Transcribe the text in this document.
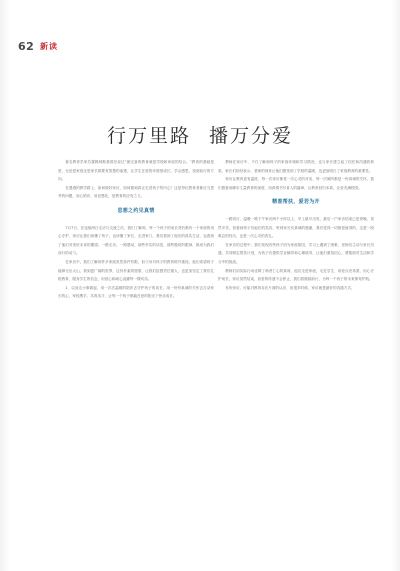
62 新读
行万里路 播万分爱

著名教育学家苏霍姆林斯基曾经说过“最完备的教育就是学校和家庭的结合。”教育的基础是爱，无论是家庭还是家长都要有智慧的渗透，让学生在爱的环境里成长，学会感恩，找到前行的方向。

在漫漫的教学路上，如何做好家访，如何做到真正走进孩子的内心？这是每位教育者都应当思考的问题，用心陪伴，用爱感化，是教育的应有之义。

思想之约见真情

7月7日，在连续两日走访与交流之后，我们了解到，每一个孩子的成长背后都有一个家庭的用心守护，家访让我们读懂了孩子，也读懂了家长，走进家门，我们看到了他们的真实生活，也看到了他们对美好未来的期望。一路走访，一路感动，那些朴实的话语、那些殷切的眼神，都成为我们前行的动力。

在家访中，我们了解到许多家庭虽然条件有限，但父母对孩子的教育格外重视，他们希望孩子能够走出大山，看到更广阔的世界，这份朴素的愿望，让我们倍感责任重大，也更加坚定了我们扎根教育、服务学生的信念，用爱心和耐心浇灌每一棵幼苗。

1．以身边小事做起，用一次次温暖的陪伴去守护孩子的成长，用一份份真诚的关怀去打动家长的心，家校携手，共育英才，让每一个孩子都能在爱的阳光下快乐成长。

教师在家访中，不仅了解到孩子的家庭环境和学习情况，也与家长建立起了信任和沟通的桥梁，家长们纷纷表示，老师的到来让他们感受到了学校的温暖，也更加明白了家庭教育的重要性。

家访让教育更有温度，每一次家访都是一次心灵的对话，每一次倾听都是一份真诚的关怀，我们愿意用脚步丈量教育的深度，用真情书写育人的篇章，让教育回归本真，让爱充满校园。

精准帮扶，爱若为开

一路同行，温暖一路下午家访两个小时以上，早上最早出发，最后一户家访结束已是傍晚，虽然辛苦，但看到孩子们灿烂的笑容，听到家长们真诚的感谢，我们觉得一切都是值得的，这是一段难忘的经历，也是一次心灵的洗礼。

在家访的过程中，我们发现有些孩子因为家庭原因，学习上遇到了困难，老师们主动与家长沟通，共同制定帮扶计划，为孩子们提供学业辅导和心理疏导，让他们重拾信心，勇敢面对生活和学习中的挑战。

教师们用实际行动诠释了师者仁心的真谛，他们走进家庭，走近学生，用爱点亮希望，用心守护成长，家访虽然结束，但爱的传递不会停止，我们将继续前行，为每一个孩子的未来保驾护航。

有所家访，可能对教育存在片面的认识，但很多时候，家访就是最好的沟通方式。
